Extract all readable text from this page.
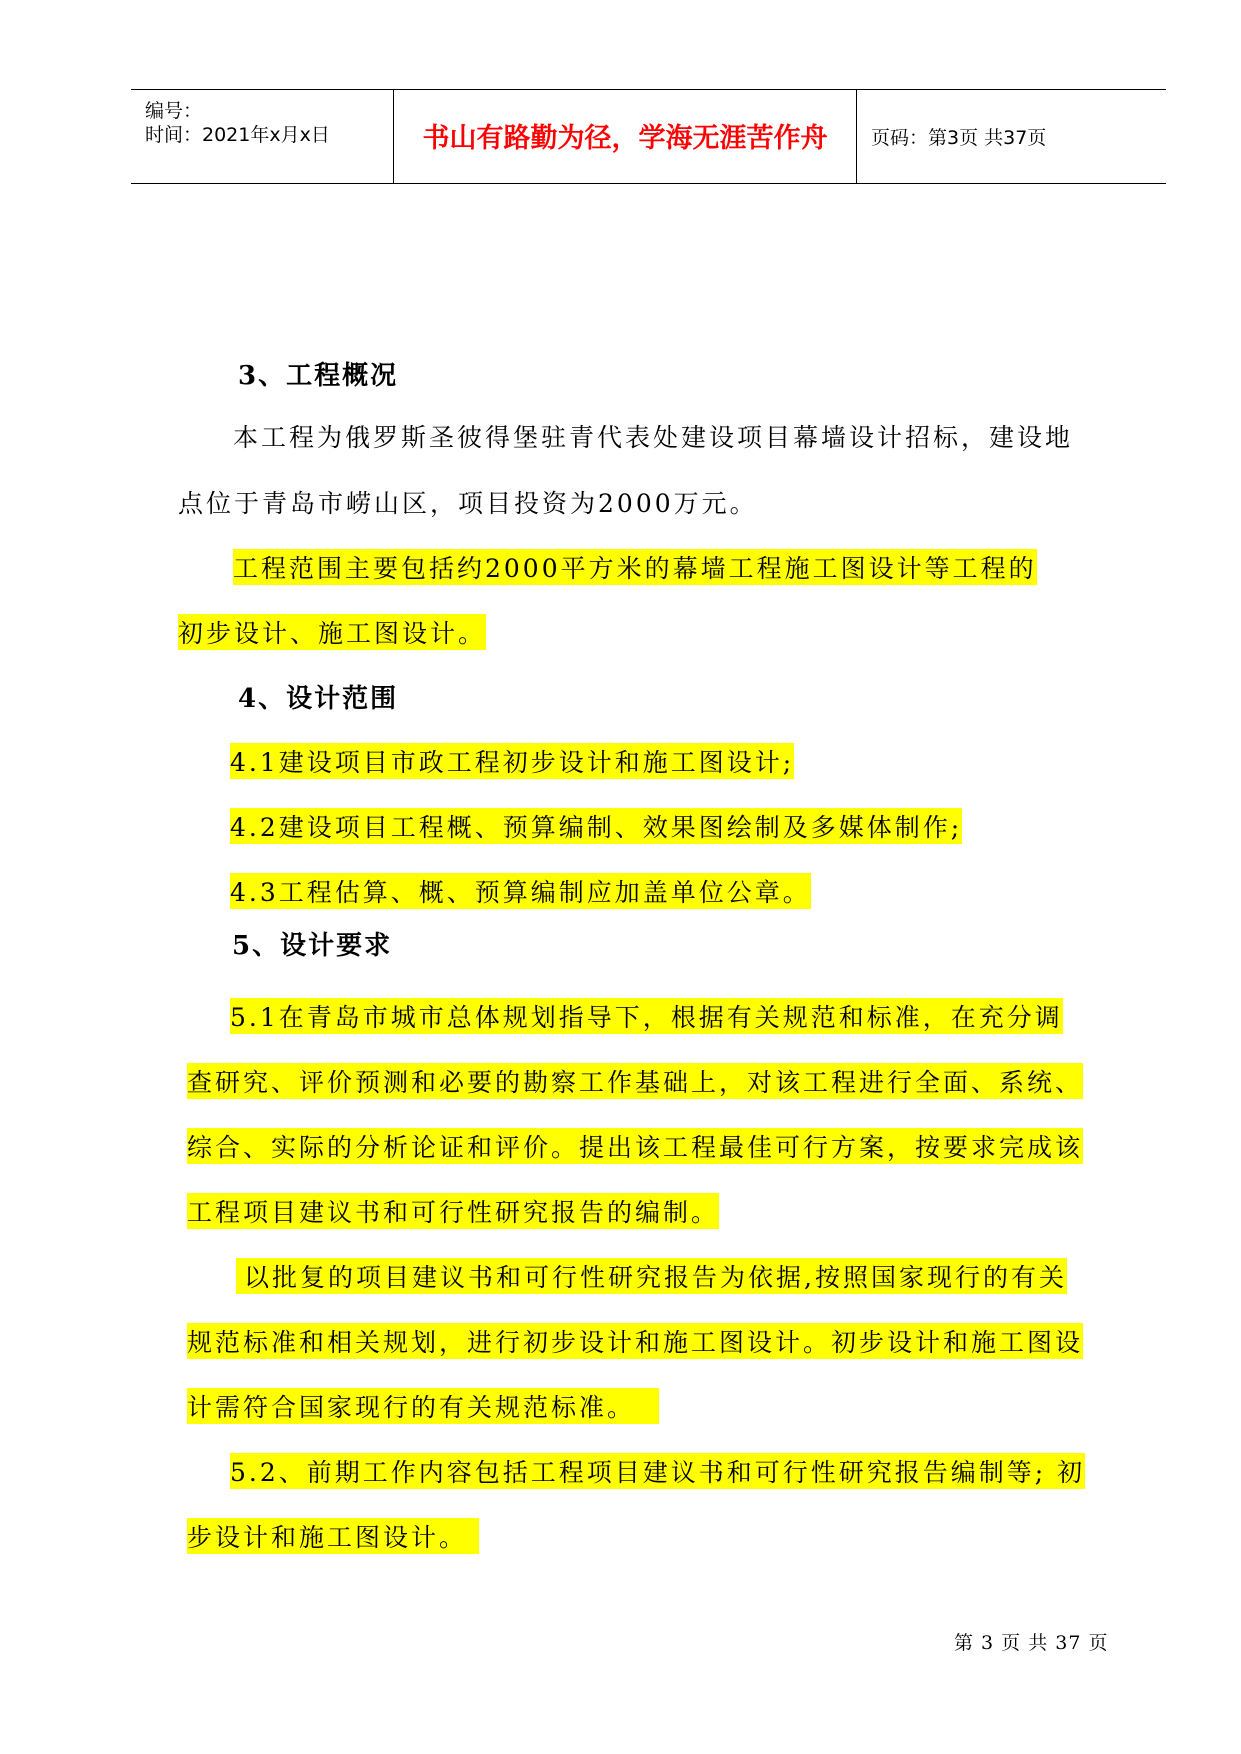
编号：
时间：2021年x月x日	书山有路勤为径，学海无涯苦作舟	页码：第3页 共37页
3、工程概况
本工程为俄罗斯圣彼得堡驻青代表处建设项目幕墙设计招标，建设地
点位于青岛市崂山区，项目投资为2000万元。
工程范围主要包括约2000平方米的幕墙工程施工图设计等工程的
初步设计、施工图设计。
4、设计范围
4.1建设项目市政工程初步设计和施工图设计;
4.2建设项目工程概、预算编制、效果图绘制及多媒体制作;
4.3工程估算、概、预算编制应加盖单位公章。
5、设计要求
5.1在青岛市城市总体规划指导下，根据有关规范和标准，在充分调
查研究、评价预测和必要的勘察工作基础上，对该工程进行全面、系统、
综合、实际的分析论证和评价。提出该工程最佳可行方案，按要求完成该
工程项目建议书和可行性研究报告的编制。
以批复的项目建议书和可行性研究报告为依据,按照国家现行的有关
规范标准和相关规划，进行初步设计和施工图设计。初步设计和施工图设
计需符合国家现行的有关规范标准。
5.2、前期工作内容包括工程项目建议书和可行性研究报告编制等; 初
步设计和施工图设计。
第 3 页 共 37 页
